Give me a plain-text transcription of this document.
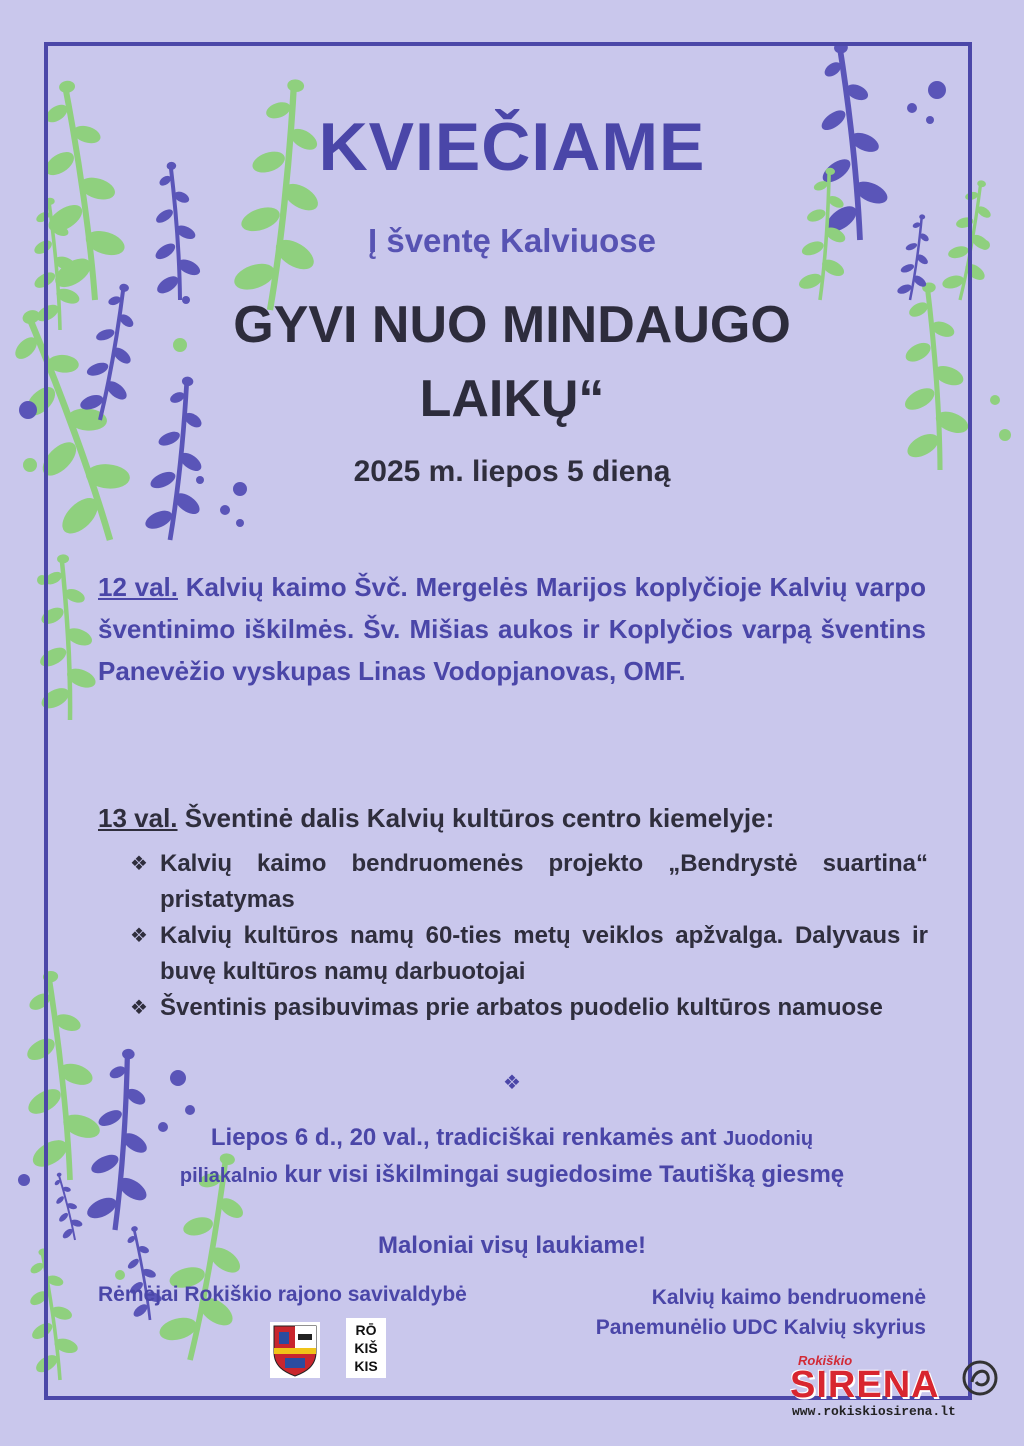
KVIEČIAME
Į šventę Kalviuose
GYVI NUO MINDAUGO
LAIKŲ“
2025 m. liepos 5 dieną
12 val. Kalvių kaimo Švč. Mergelės Marijos koplyčioje Kalvių varpo šventinimo iškilmės. Šv. Mišias aukos ir Koplyčios varpą šventins Panevėžio vyskupas Linas Vodopjanovas, OMF.
13 val. Šventinė dalis Kalvių kultūros centro kiemelyje:
❖ Kalvių kaimo bendruomenės projekto „Bendrystė suartina“ pristatymas
❖ Kalvių kultūros namų 60-ties metų veiklos apžvalga. Dalyvaus ir buvę kultūros namų darbuotojai
❖ Šventinis pasibuvimas prie arbatos puodelio kultūros namuose
❖
Liepos 6 d., 20 val., tradiciškai renkamės ant Juodonių
piliakalnio kur visi iškilmingai sugiedosime Tautišką giesmę
Maloniai visų laukiame!
Rėmėjai Rokiškio rajono savivaldybė	Kalvių kaimo bendruomenė
Panemunėlio UDC Kalvių skyrius
RŌ
KIŠ
KIS	Rokiškio
SIRENA
www.rokiskiosirena.lt
